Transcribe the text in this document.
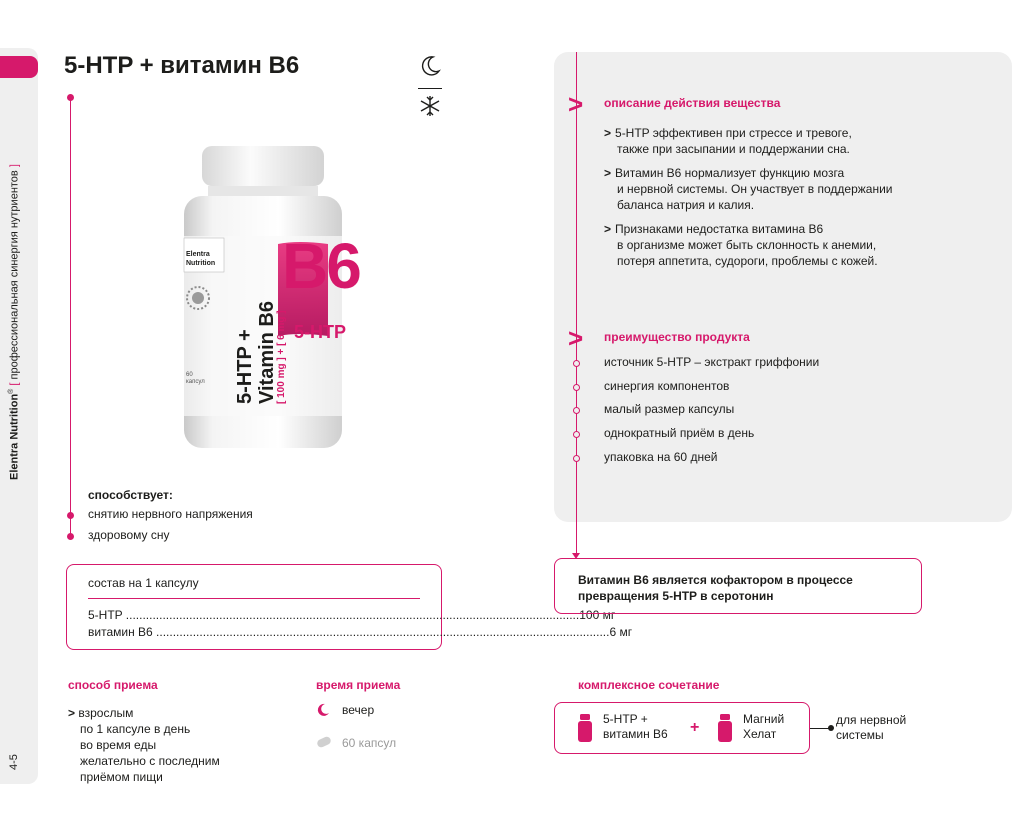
Elentra Nutrition® [ профессиональная синергия нутриентов ]
4-5
5-HTP + витамин В6
Elentra
Nutrition
5-HTP + Vitamin B6
[ 100 mg ] + [ 6 mg ]
B6
5-HTP
60
капсул
способствует:
снятию нервного напряжения
здоровому сну
состав на 1 капсулу
5-HTP .....	100 мг
витамин В6 .....	6 мг
способ приема
> взрослым
по 1 капсуле в день
во время еды
желательно с последним
приёмом пищи
время приема
вечер
60 капсул
> описание действия вещества
> 5-HTP эффективен при стрессе и тревоге,
также при засыпании и поддержании сна.
> Витамин В6 нормализует функцию мозга
и нервной системы. Он участвует в поддержании
баланса натрия и калия.
> Признаками недостатка витамина В6
в организме может быть склонность к анемии,
потеря аппетита, судороги, проблемы с кожей.
> преимущество продукта
источник 5-HTP – экстракт гриффонии
синергия компонентов
малый размер капсулы
однократный приём в день
упаковка на 60 дней
Витамин В6 является кофактором в процессе
превращения 5-HTP в серотонин
комплексное сочетание
5-HTP +
витамин В6 +	Магний
Хелат
для нервной
системы
